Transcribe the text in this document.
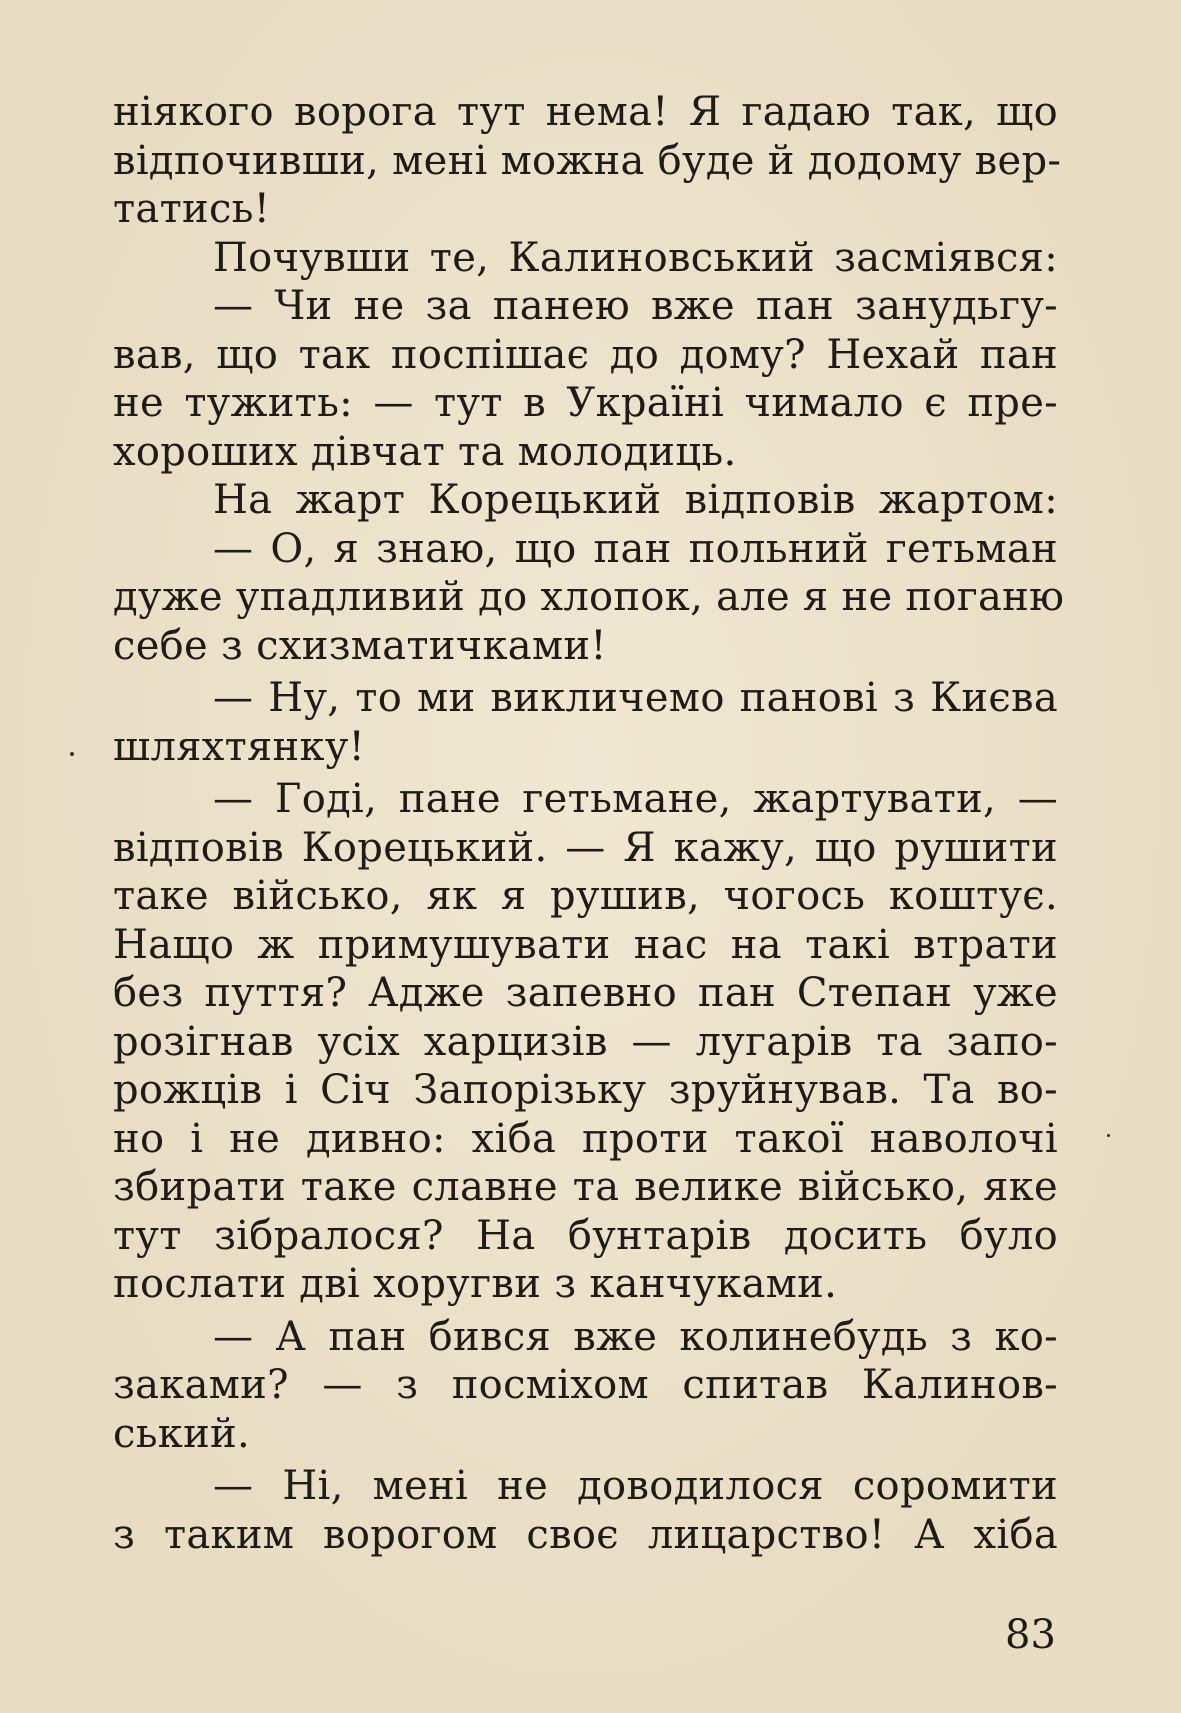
ніякого ворога тут нема! Я гадаю так, що
відпочивши, мені можна буде й додому вер-
татись!
Почувши те, Калиновський засміявся:
— Чи не за панею вже пан занудьгу-
вав, що так поспішає до дому? Нехай пан
не тужить: — тут в Україні чимало є пре-
хороших дівчат та молодиць.
На жарт Корецький відповів жартом:
— О, я знаю, що пан польний гетьман
дуже упадливий до хлопок, але я не поганю
себе з схизматичками!
— Ну, то ми викличемо панові з Києва
шляхтянку!
— Годі, пане гетьмане, жартувати, —
відповів Корецький. — Я кажу, що рушити
таке військо, як я рушив, чогось коштує.
Нащо ж примушувати нас на такі втрати
без пуття? Адже запевно пан Степан уже
розігнав усіх харцизів — лугарів та запо-
рожців і Січ Запорізьку зруйнував. Та во-
но і не дивно: хіба проти такої наволочі
збирати таке славне та велике військо, яке
тут зібралося? На бунтарів досить було
послати дві хоругви з канчуками.
— А пан бився вже колинебудь з ко-
заками? — з посміхом спитав Калинов-
ський.
— Ні, мені не доводилося соромити
з таким ворогом своє лицарство! А хіба
83
